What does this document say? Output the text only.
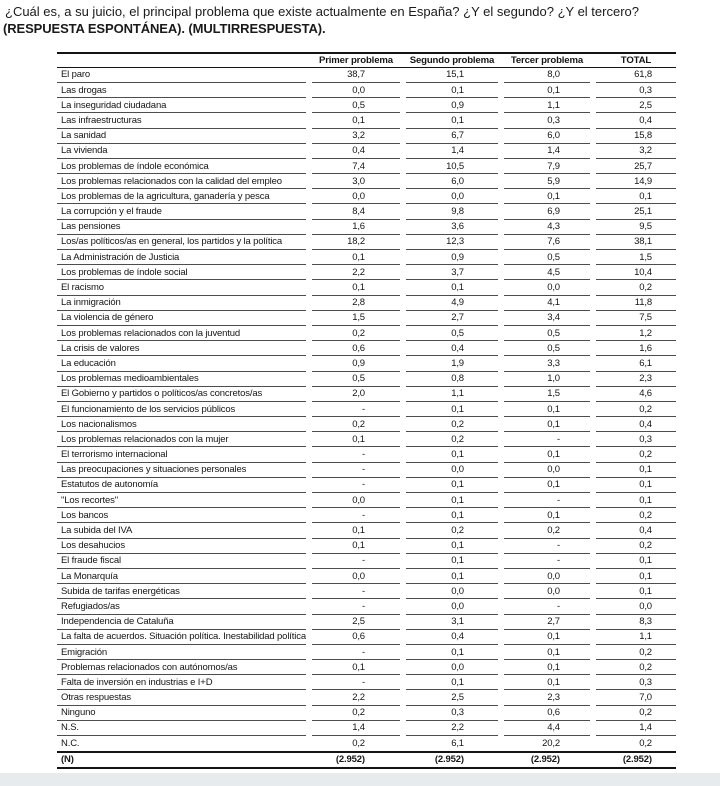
¿Cuál es, a su juicio, el principal problema que existe actualmente en España? ¿Y el segundo? ¿Y el tercero?
(RESPUESTA ESPONTÁNEA). (MULTIRRESPUESTA).

	Primer problema	Segundo problema	Tercer problema	TOTAL

El paro	38,7	15,1	8,0	61,8
Las drogas	0,0	0,1	0,1	0,3
La inseguridad ciudadana	0,5	0,9	1,1	2,5
Las infraestructuras	0,1	0,1	0,3	0,4
La sanidad	3,2	6,7	6,0	15,8
La vivienda	0,4	1,4	1,4	3,2
Los problemas de índole económica	7,4	10,5	7,9	25,7
Los problemas relacionados con la calidad del empleo	3,0	6,0	5,9	14,9
Los problemas de la agricultura, ganadería y pesca	0,0	0,0	0,1	0,1
La corrupción y el fraude	8,4	9,8	6,9	25,1
Las pensiones	1,6	3,6	4,3	9,5
Los/as políticos/as en general, los partidos y la política	18,2	12,3	7,6	38,1
La Administración de Justicia	0,1	0,9	0,5	1,5
Los problemas de índole social	2,2	3,7	4,5	10,4
El racismo	0,1	0,1	0,0	0,2
La inmigración	2,8	4,9	4,1	11,8
La violencia de género	1,5	2,7	3,4	7,5
Los problemas relacionados con la juventud	0,2	0,5	0,5	1,2
La crisis de valores	0,6	0,4	0,5	1,6
La educación	0,9	1,9	3,3	6,1
Los problemas medioambientales	0,5	0,8	1,0	2,3
El Gobierno y partidos o políticos/as concretos/as	2,0	1,1	1,5	4,6
El funcionamiento de los servicios públicos	-	0,1	0,1	0,2
Los nacionalismos	0,2	0,2	0,1	0,4
Los problemas relacionados con la mujer	0,1	0,2	-	0,3
El terrorismo internacional	-	0,1	0,1	0,2
Las preocupaciones y situaciones personales	-	0,0	0,0	0,1
Estatutos de autonomía	-	0,1	0,1	0,1
"Los recortes"	0,0	0,1	-	0,1
Los bancos	-	0,1	0,1	0,2
La subida del IVA	0,1	0,2	0,2	0,4
Los desahucios	0,1	0,1	-	0,2
El fraude fiscal	-	0,1	-	0,1
La Monarquía	0,0	0,1	0,0	0,1
Subida de tarifas energéticas	-	0,0	0,0	0,1
Refugiados/as	-	0,0	-	0,0
Independencia de Cataluña	2,5	3,1	2,7	8,3
La falta de acuerdos. Situación política. Inestabilidad política	0,6	0,4	0,1	1,1
Emigración	-	0,1	0,1	0,2
Problemas relacionados con autónomos/as	0,1	0,0	0,1	0,2
Falta de inversión en industrias e I+D	-	0,1	0,1	0,3
Otras respuestas	2,2	2,5	2,3	7,0
Ninguno	0,2	0,3	0,6	0,2
N.S.	1,4	2,2	4,4	1,4
N.C.	0,2	6,1	20,2	0,2

(N)	(2.952)	(2.952)	(2.952)	(2.952)
